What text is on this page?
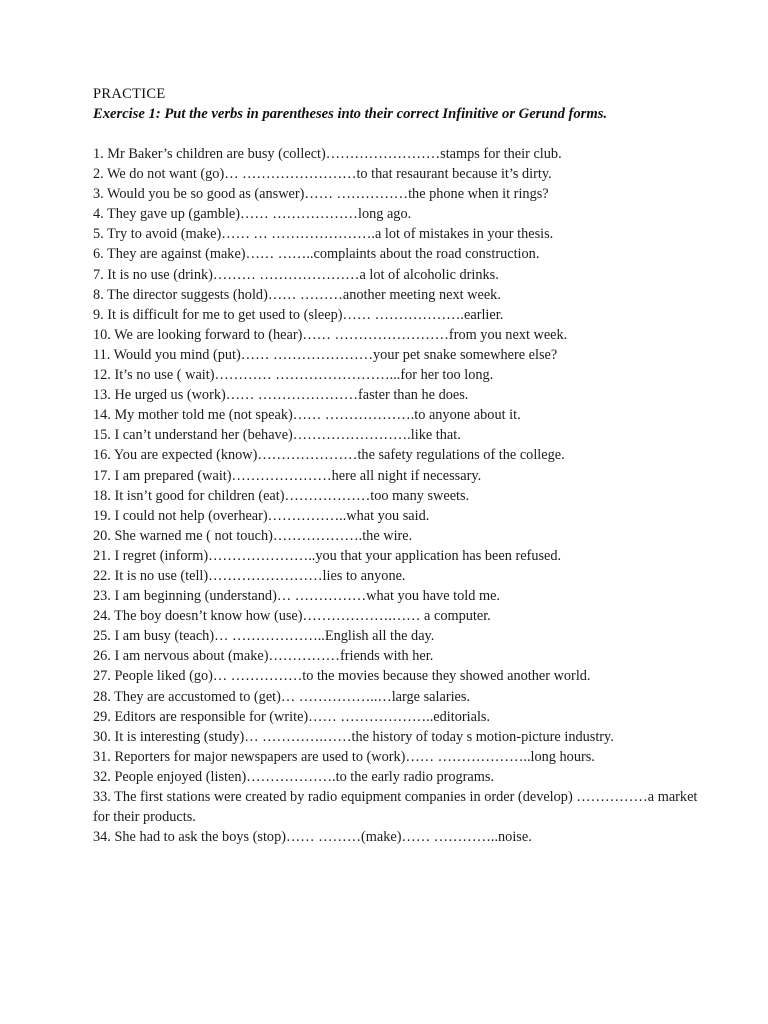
PRACTICE

Exercise 1: Put the verbs in parentheses into their correct Infinitive or Gerund forms.

1. Mr Baker’s children are busy (collect)……………………stamps for their club.
2. We do not want (go)… ……………………to that resaurant because it’s dirty.
3. Would you be so good as (answer)…… ……………the phone when it rings?
4. They gave up (gamble)…… ………………long ago.
5. Try to avoid (make)…… … ………………….a lot of mistakes in your thesis.
6. They are against (make)…… ……..complaints about the road construction.
7. It is no use (drink)……… …………………a lot of alcoholic drinks.
8. The director suggests (hold)…… ………another meeting next week.
9. It is difficult for me to get used to (sleep)…… ……………….earlier.
10. We are looking forward to (hear)…… ……………………from you next week.
11. Would you mind (put)…… …………………your pet snake somewhere else?
12. It’s no use ( wait)………… ……………………...for her too long.
13. He urged us (work)…… …………………faster than he does.
14. My mother told me (not speak)…… ……………….to anyone about it.
15. I can’t understand her (behave)…………………….like that.
16. You are expected (know)…………………the safety regulations of the college.
17. I am prepared (wait)…………………here all night if necessary.
18. It isn’t good for children (eat)………………too many sweets.
19. I could not help (overhear)……………..what you said.
20. She warned me ( not touch)……………….the wire.
21. I regret (inform)…………………..you that your application has been refused.
22. It is no use (tell)……………………lies to anyone.
23. I am beginning (understand)… ……………what you have told me.
24. The boy doesn’t know how (use)……………….…… a computer.
25. I am busy (teach)… ………………..English all the day.
26. I am nervous about (make)……………friends with her.
27. People liked (go)… ……………to the movies because they showed another world.
28. They are accustomed to (get)… ……………..…large salaries.
29. Editors are responsible for (write)…… ………………..editorials.
30. It is interesting (study)… ………….……the history of today s motion-picture industry.
31. Reporters for major newspapers are used to (work)…… ………………..long hours.
32. People enjoyed (listen)……………….to the early radio programs.
33. The first stations were created by radio equipment companies in order (develop) ……………a market for their products.
34. She had to ask the boys (stop)…… ………(make)…… …………..noise.
